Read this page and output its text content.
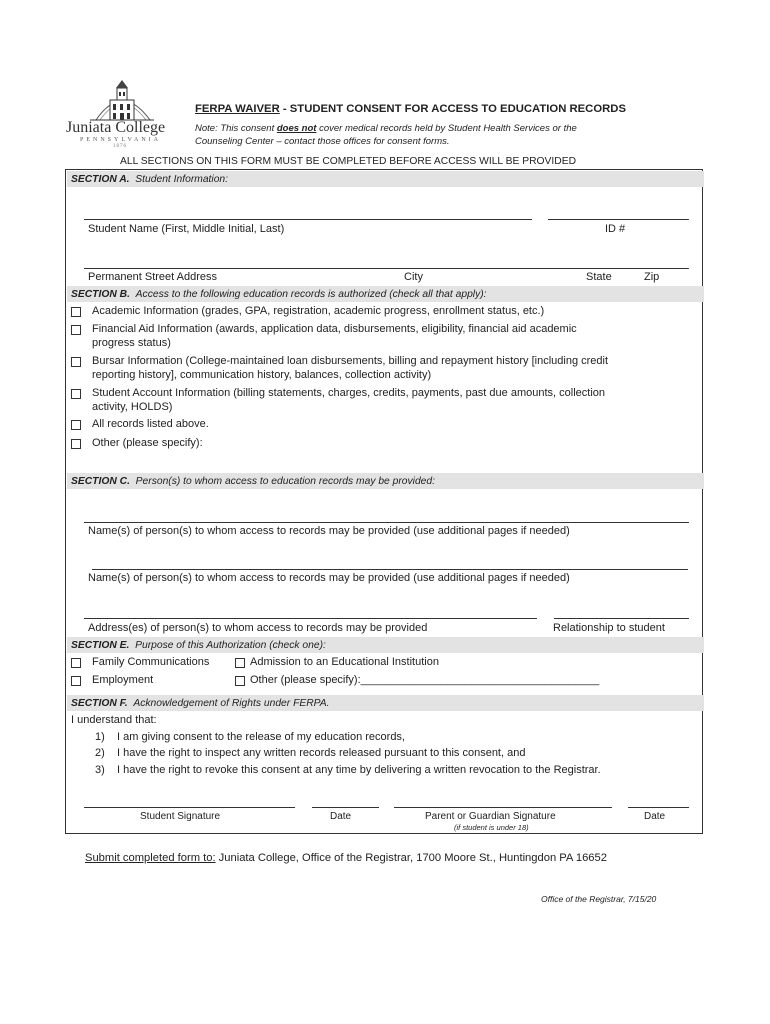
Juniata College
PENNSYLVANIA
1876
FERPA WAIVER - STUDENT CONSENT FOR ACCESS TO EDUCATION RECORDS
Note: This consent does not cover medical records held by Student Health Services or the
Counseling Center – contact those offices for consent forms.
ALL SECTIONS ON THIS FORM MUST BE COMPLETED BEFORE ACCESS WILL BE PROVIDED
SECTION A. Student Information:
Student Name (First, Middle Initial, Last)	ID #
Permanent Street Address	City	State	Zip
SECTION B. Access to the following education records is authorized (check all that apply):
Academic Information (grades, GPA, registration, academic progress, enrollment status, etc.)
Financial Aid Information (awards, application data, disbursements, eligibility, financial aid academic
progress status)
Bursar Information (College-maintained loan disbursements, billing and repayment history [including credit
reporting history], communication history, balances, collection activity)
Student Account Information (billing statements, charges, credits, payments, past due amounts, collection
activity, HOLDS)
All records listed above.
Other (please specify):
SECTION C. Person(s) to whom access to education records may be provided:
Name(s) of person(s) to whom access to records may be provided (use additional pages if needed)
Name(s) of person(s) to whom access to records may be provided (use additional pages if needed)
Address(es) of person(s) to whom access to records may be provided	Relationship to student
SECTION E. Purpose of this Authorization (check one):
Family Communications	Admission to an Educational Institution
Employment	Other (please specify):_______________________________________
SECTION F. Acknowledgement of Rights under FERPA.
I understand that:
1) I am giving consent to the release of my education records,
2) I have the right to inspect any written records released pursuant to this consent, and
3) I have the right to revoke this consent at any time by delivering a written revocation to the Registrar.
Student Signature	Date	Parent or Guardian Signature	Date
(if student is under 18)
Submit completed form to: Juniata College, Office of the Registrar, 1700 Moore St., Huntingdon PA 16652
Office of the Registrar, 7/15/20
